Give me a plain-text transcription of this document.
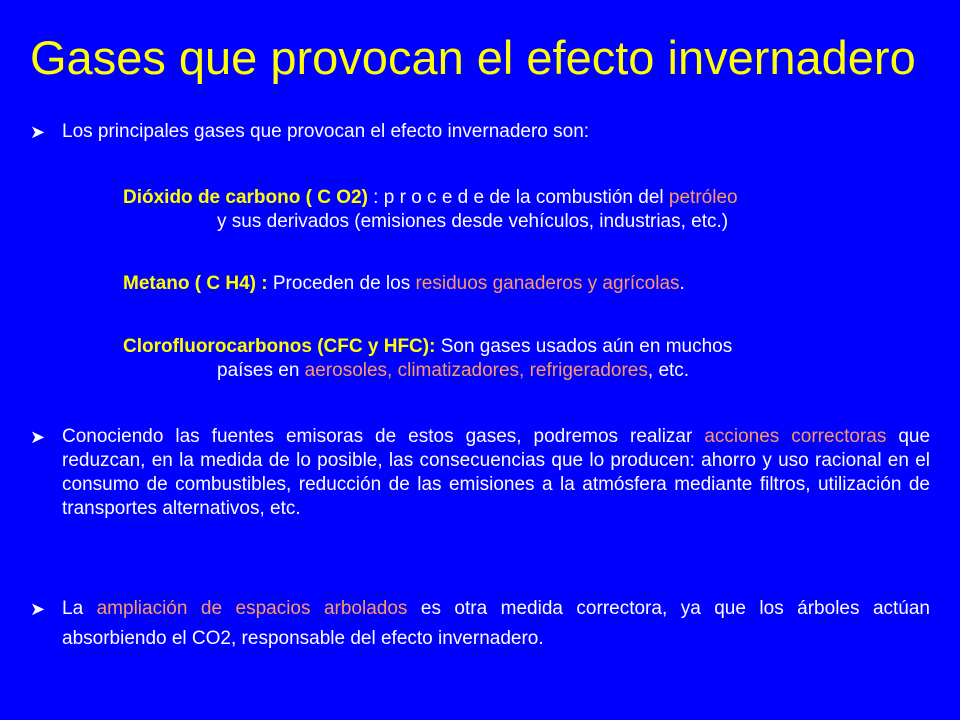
Gases que provocan el efecto invernadero
➤ Los principales gases que provocan el efecto invernadero son:
Dióxido de carbono ( C O2) : p r o c e d e de la combustión del petróleo
y sus derivados (emisiones desde vehículos, industrias, etc.)
Metano ( C H4) : Proceden de los residuos ganaderos y agrícolas.
Clorofluorocarbonos (CFC y HFC): Son gases usados aún en muchos
países en aerosoles, climatizadores, refrigeradores, etc.
➤ Conociendo las fuentes emisoras de estos gases, podremos realizar acciones correctoras que reduzcan, en la medida de lo posible, las consecuencias que lo producen: ahorro y uso racional en el consumo de combustibles, reducción de las emisiones a la atmósfera mediante filtros, utilización de transportes alternativos, etc.
➤ La ampliación de espacios arbolados es otra medida correctora, ya que los árboles actúan absorbiendo el CO2, responsable del efecto invernadero.
